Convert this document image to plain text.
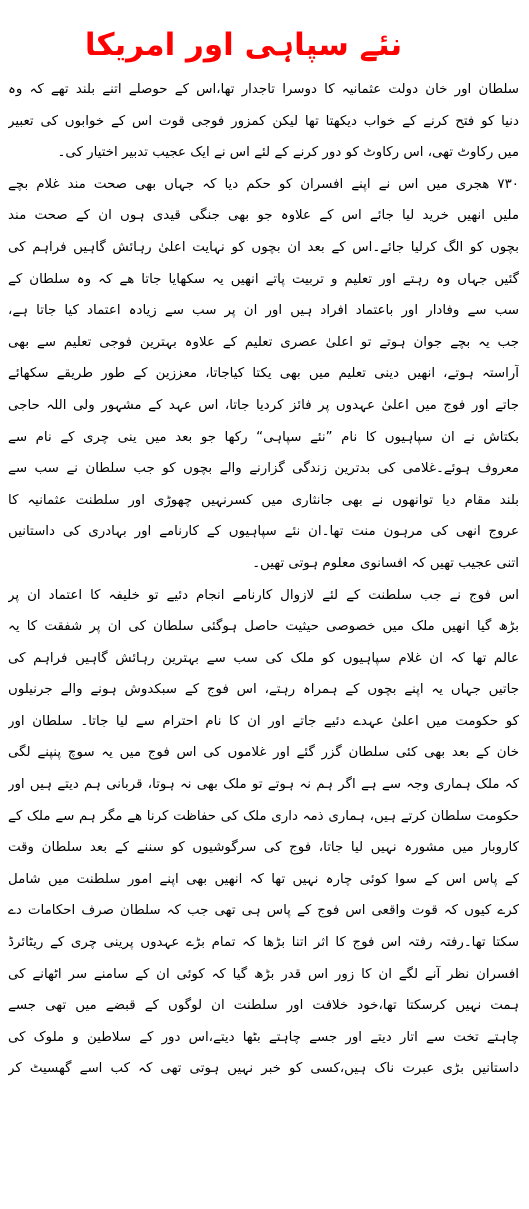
نئے سپاہی اور امریکا
سلطان اور خان دولت عثمانیہ کا دوسرا تاجدار تھا،اس کے حوصلے اتنے بلند تھے کہ وہ
دنیا کو فتح کرنے کے خواب دیکھتا تھا لیکن کمزور فوجی قوت اس کے خوابوں کی تعبیر
میں رکاوٹ تھی، اس رکاوٹ کو دور کرنے کے لئے اس نے ایک عجیب تدبیر اختیار کی۔
۷۳۰ ھجری میں اس نے اپنے افسران کو حکم دیا کہ جہاں بھی صحت مند غلام بچے
ملیں انھیں خرید لیا جائے اس کے علاوہ جو بھی جنگی قیدی ہوں ان کے صحت مند
بچوں کو الگ کرلیا جائے۔اس کے بعد ان بچوں کو نہایت اعلیٰ رہائش گاہیں فراہم کی
گئیں جہاں وہ رہتے اور تعلیم و تربیت پاتے انھیں یہ سکھایا جاتا ھے کہ وہ سلطان کے
سب سے وفادار اور باعتماد افراد ہیں اور ان پر سب سے زیادہ اعتماد کیا جاتا ہے،
جب یہ بچے جوان ہوتے تو اعلیٰ عصری تعلیم کے علاوہ بہترین فوجی تعلیم سے بھی
آراستہ ہوتے، انھیں دینی تعلیم میں بھی یکتا کیاجاتا، معززین کے طور طریقے سکھائے
جاتے اور فوج میں اعلیٰ عہدوں پر فائز کردیا جاتا، اس عہد کے مشہور ولی اللہ حاجی
بکتاش نے ان سپاہیوں کا نام ”نئے سپاہی“ رکھا جو بعد میں ینی چری کے نام سے
معروف ہوئے۔غلامی کی بدترین زندگی گزارنے والے بچوں کو جب سلطان نے سب سے
بلند مقام دیا توانھوں نے بھی جانثاری میں کسرنہیں چھوڑی اور سلطنت عثمانیہ کا
عروج انھی کی مرہون منت تھا۔ان نئے سپاہیوں کے کارنامے اور بہادری کی داستانیں
اتنی عجیب تھیں کہ افسانوی معلوم ہوتی تھیں۔
اس فوج نے جب سلطنت کے لئے لازوال کارنامے انجام دئیے تو خلیفہ کا اعتماد ان پر
بڑھ گیا انھیں ملک میں خصوصی حیثیت حاصل ہوگئی سلطان کی ان پر شفقت کا یہ
عالم تھا کہ ان غلام سپاہیوں کو ملک کی سب سے بہترین رہائش گاہیں فراہم کی
جاتیں جہاں یہ اپنے بچوں کے ہمراہ رہتے، اس فوج کے سبکدوش ہونے والے جرنیلوں
کو حکومت میں اعلیٰ عہدے دئیے جاتے اور ان کا نام احترام سے لیا جاتا۔ سلطان اور
خان کے بعد بھی کئی سلطان گزر گئے اور غلاموں کی اس فوج میں یہ سوچ پنپنے لگی
کہ ملک ہماری وجہ سے ہے اگر ہم نہ ہوتے تو ملک بھی نہ ہوتا، قربانی ہم دیتے ہیں اور
حکومت سلطان کرتے ہیں، ہماری ذمہ داری ملک کی حفاظت کرنا ھے مگر ہم سے ملک کے
کاروبار میں مشورہ نہیں لیا جاتا، فوج کی سرگوشیوں کو سننے کے بعد سلطان وقت
کے پاس اس کے سوا کوئی چارہ نہیں تھا کہ انھیں بھی اپنے امور سلطنت میں شامل
کرے کیوں کہ قوت واقعی اس فوج کے پاس ہی تھی جب کہ سلطان صرف احکامات دے
سکتا تھا۔رفتہ رفتہ اس فوج کا اثر اتنا بڑھا کہ تمام بڑے عہدوں پرینی چری کے ریٹائرڈ
افسران نظر آنے لگے ان کا زور اس قدر بڑھ گیا کہ کوئی ان کے سامنے سر اٹھانے کی
ہمت نہیں کرسکتا تھا،خود خلافت اور سلطنت ان لوگوں کے قبضے میں تھی جسے
چاہتے تخت سے اتار دیتے اور جسے چاہتے بٹھا دیتے،اس دور کے سلاطین و ملوک کی
داستانیں بڑی عبرت ناک ہیں،کسی کو خبر نہیں ہوتی تھی کہ کب اسے گھسیٹ کر
